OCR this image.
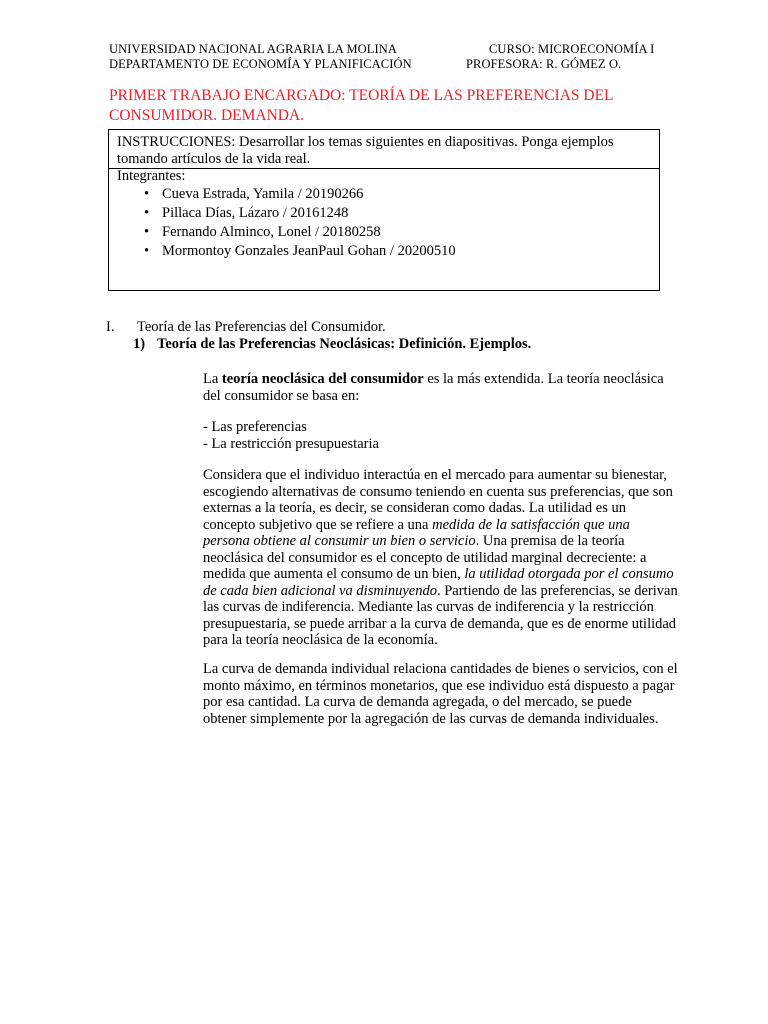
UNIVERSIDAD NACIONAL AGRARIA LA MOLINA	CURSO: MICROECONOMÍA I
DEPARTAMENTO DE ECONOMÍA Y PLANIFICACIÓN	PROFESORA: R. GÓMEZ O.
PRIMER TRABAJO ENCARGADO: TEORÍA DE LAS PREFERENCIAS DEL CONSUMIDOR. DEMANDA.
INSTRUCCIONES: Desarrollar los temas siguientes en diapositivas. Ponga ejemplos tomando artículos de la vida real.
Integrantes:
• Cueva Estrada, Yamila / 20190266
• Pillaca Días, Lázaro / 20161248
• Fernando Alminco, Lonel / 20180258
• Mormontoy Gonzales JeanPaul Gohan / 20200510
I. Teoría de las Preferencias del Consumidor.
1) Teoría de las Preferencias Neoclásicas: Definición. Ejemplos.

La teoría neoclásica del consumidor es la más extendida. La teoría neoclásica del consumidor se basa en:

- Las preferencias

- La restricción presupuestaria

Considera que el individuo interactúa en el mercado para aumentar su bienestar, escogiendo alternativas de consumo teniendo en cuenta sus preferencias, que son externas a la teoría, es decir, se consideran como dadas. La utilidad es un concepto subjetivo que se refiere a una medida de la satisfacción que una persona obtiene al consumir un bien o servicio. Una premisa de la teoría neoclásica del consumidor es el concepto de utilidad marginal decreciente: a medida que aumenta el consumo de un bien, la utilidad otorgada por el consumo de cada bien adicional va disminuyendo. Partiendo de las preferencias, se derivan las curvas de indiferencia. Mediante las curvas de indiferencia y la restricción presupuestaria, se puede arribar a la curva de demanda, que es de enorme utilidad para la teoría neoclásica de la economía.

La curva de demanda individual relaciona cantidades de bienes o servicios, con el monto máximo, en términos monetarios, que ese individuo está dispuesto a pagar por esa cantidad. La curva de demanda agregada, o del mercado, se puede obtener simplemente por la agregación de las curvas de demanda individuales.
